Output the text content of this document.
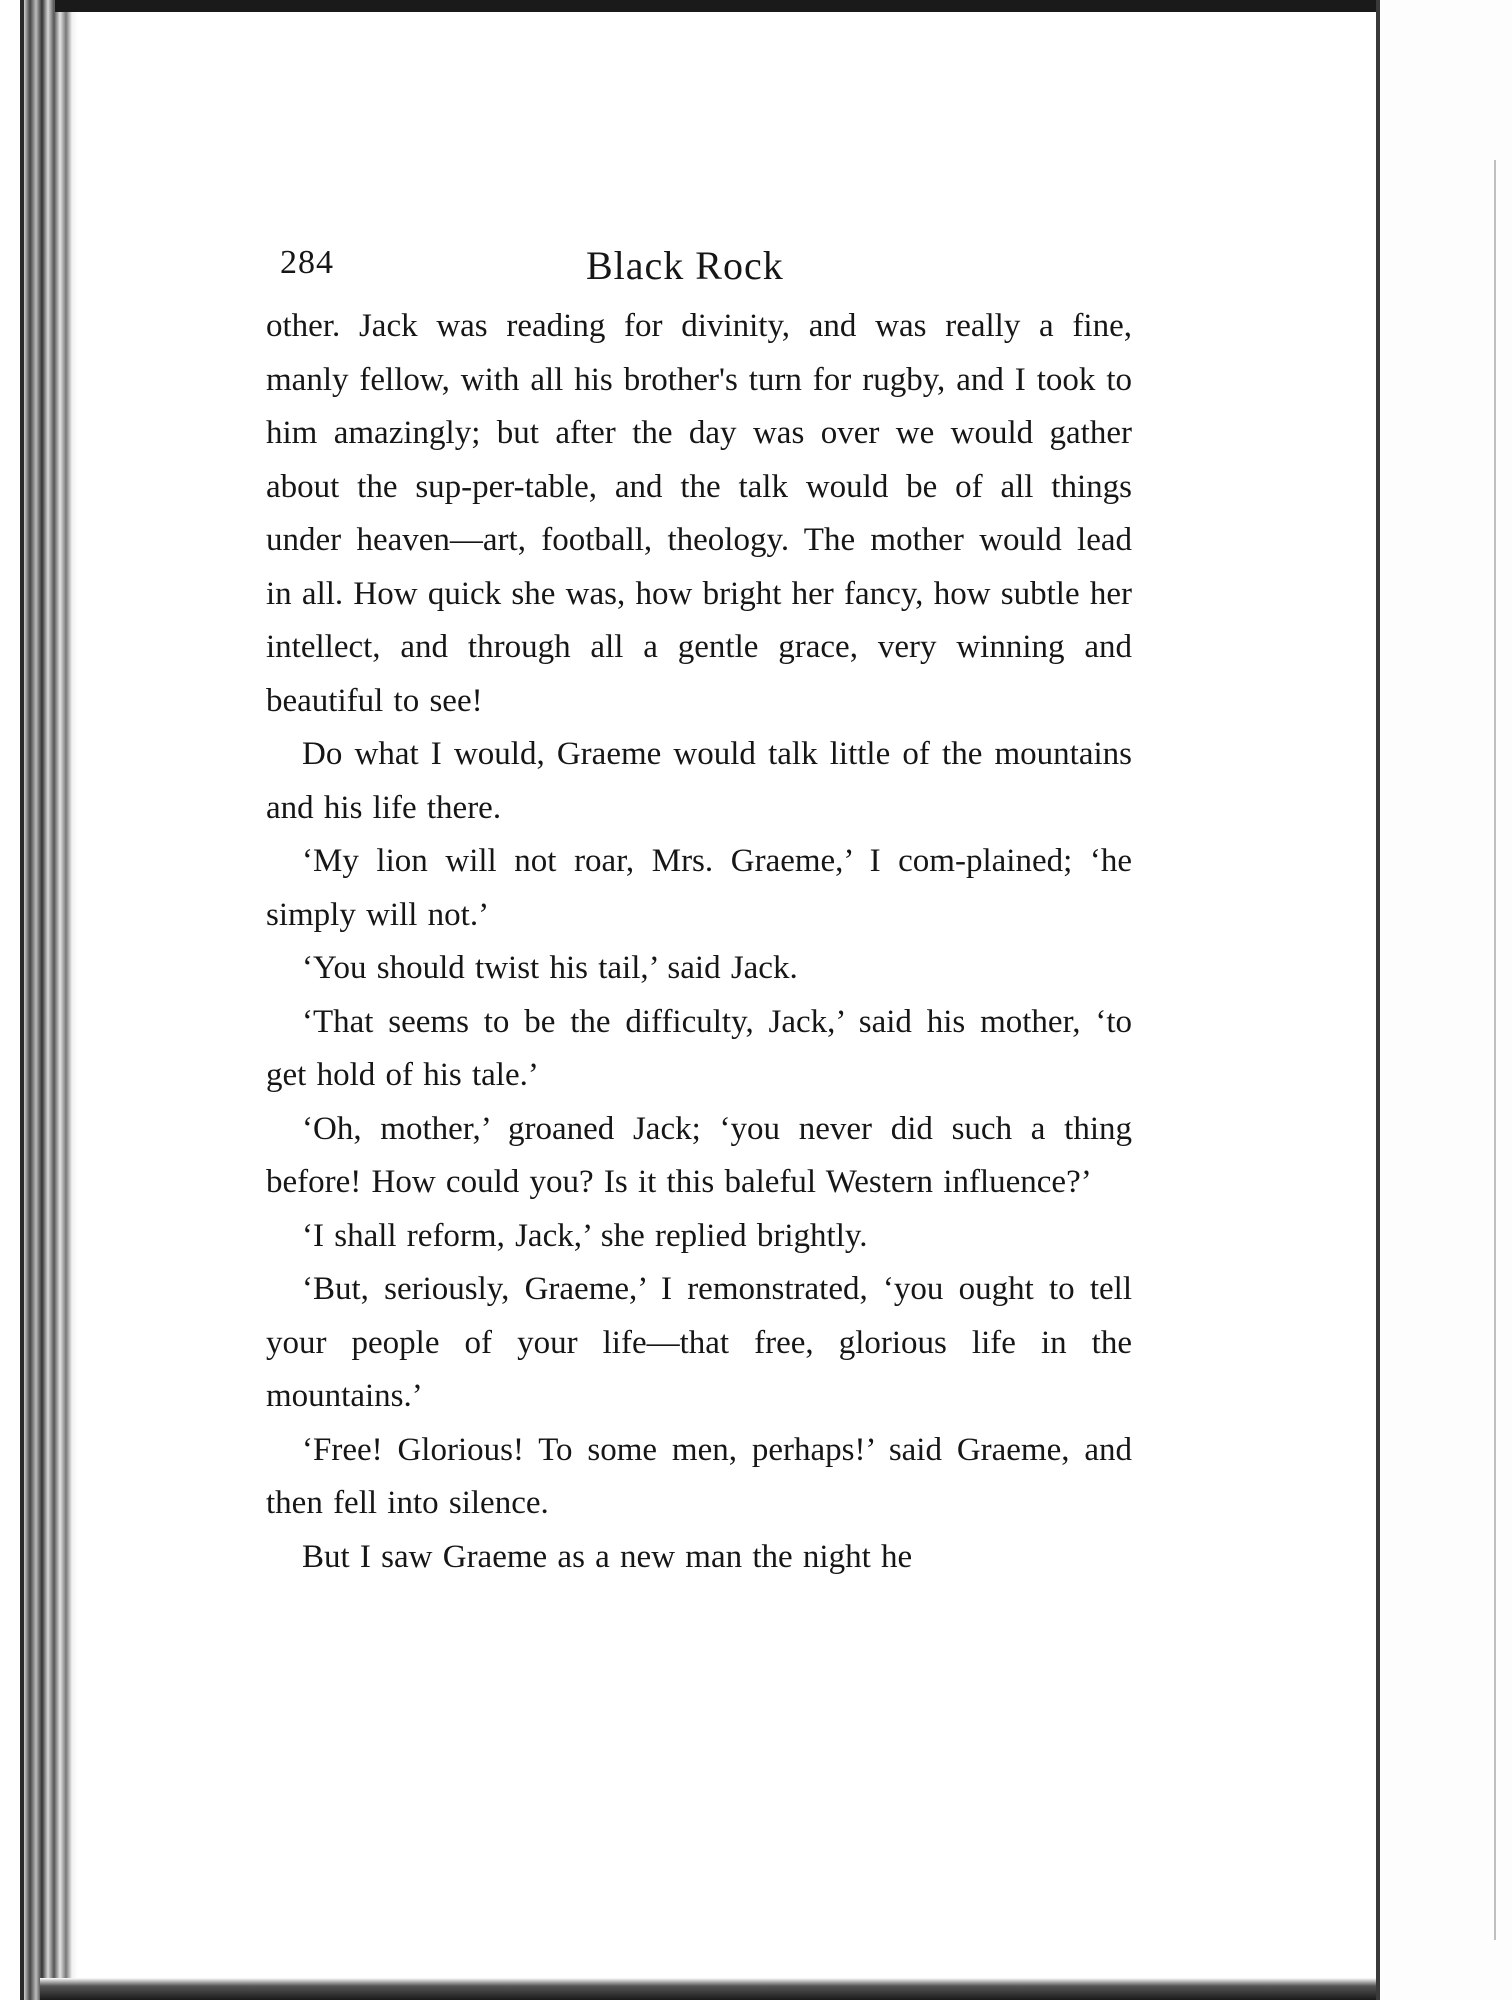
284	Black Rock

other. Jack was reading for divinity, and was really a fine, manly fellow, with all his brother's turn for rugby, and I took to him amazingly; but after the day was over we would gather about the sup-per-table, and the talk would be of all things under heaven—art, football, theology. The mother would lead in all. How quick she was, how bright her fancy, how subtle her intellect, and through all a gentle grace, very winning and beautiful to see!

Do what I would, Graeme would talk little of the mountains and his life there.

‘My lion will not roar, Mrs. Graeme,’ I com-plained; ‘he simply will not.’

‘You should twist his tail,’ said Jack.

‘That seems to be the difficulty, Jack,’ said his mother, ‘to get hold of his tale.’

‘Oh, mother,’ groaned Jack; ‘you never did such a thing before! How could you? Is it this baleful Western influence?’

‘I shall reform, Jack,’ she replied brightly.

‘But, seriously, Graeme,’ I remonstrated, ‘you ought to tell your people of your life—that free, glorious life in the mountains.’

‘Free! Glorious! To some men, perhaps!’ said Graeme, and then fell into silence.

But I saw Graeme as a new man the night he
